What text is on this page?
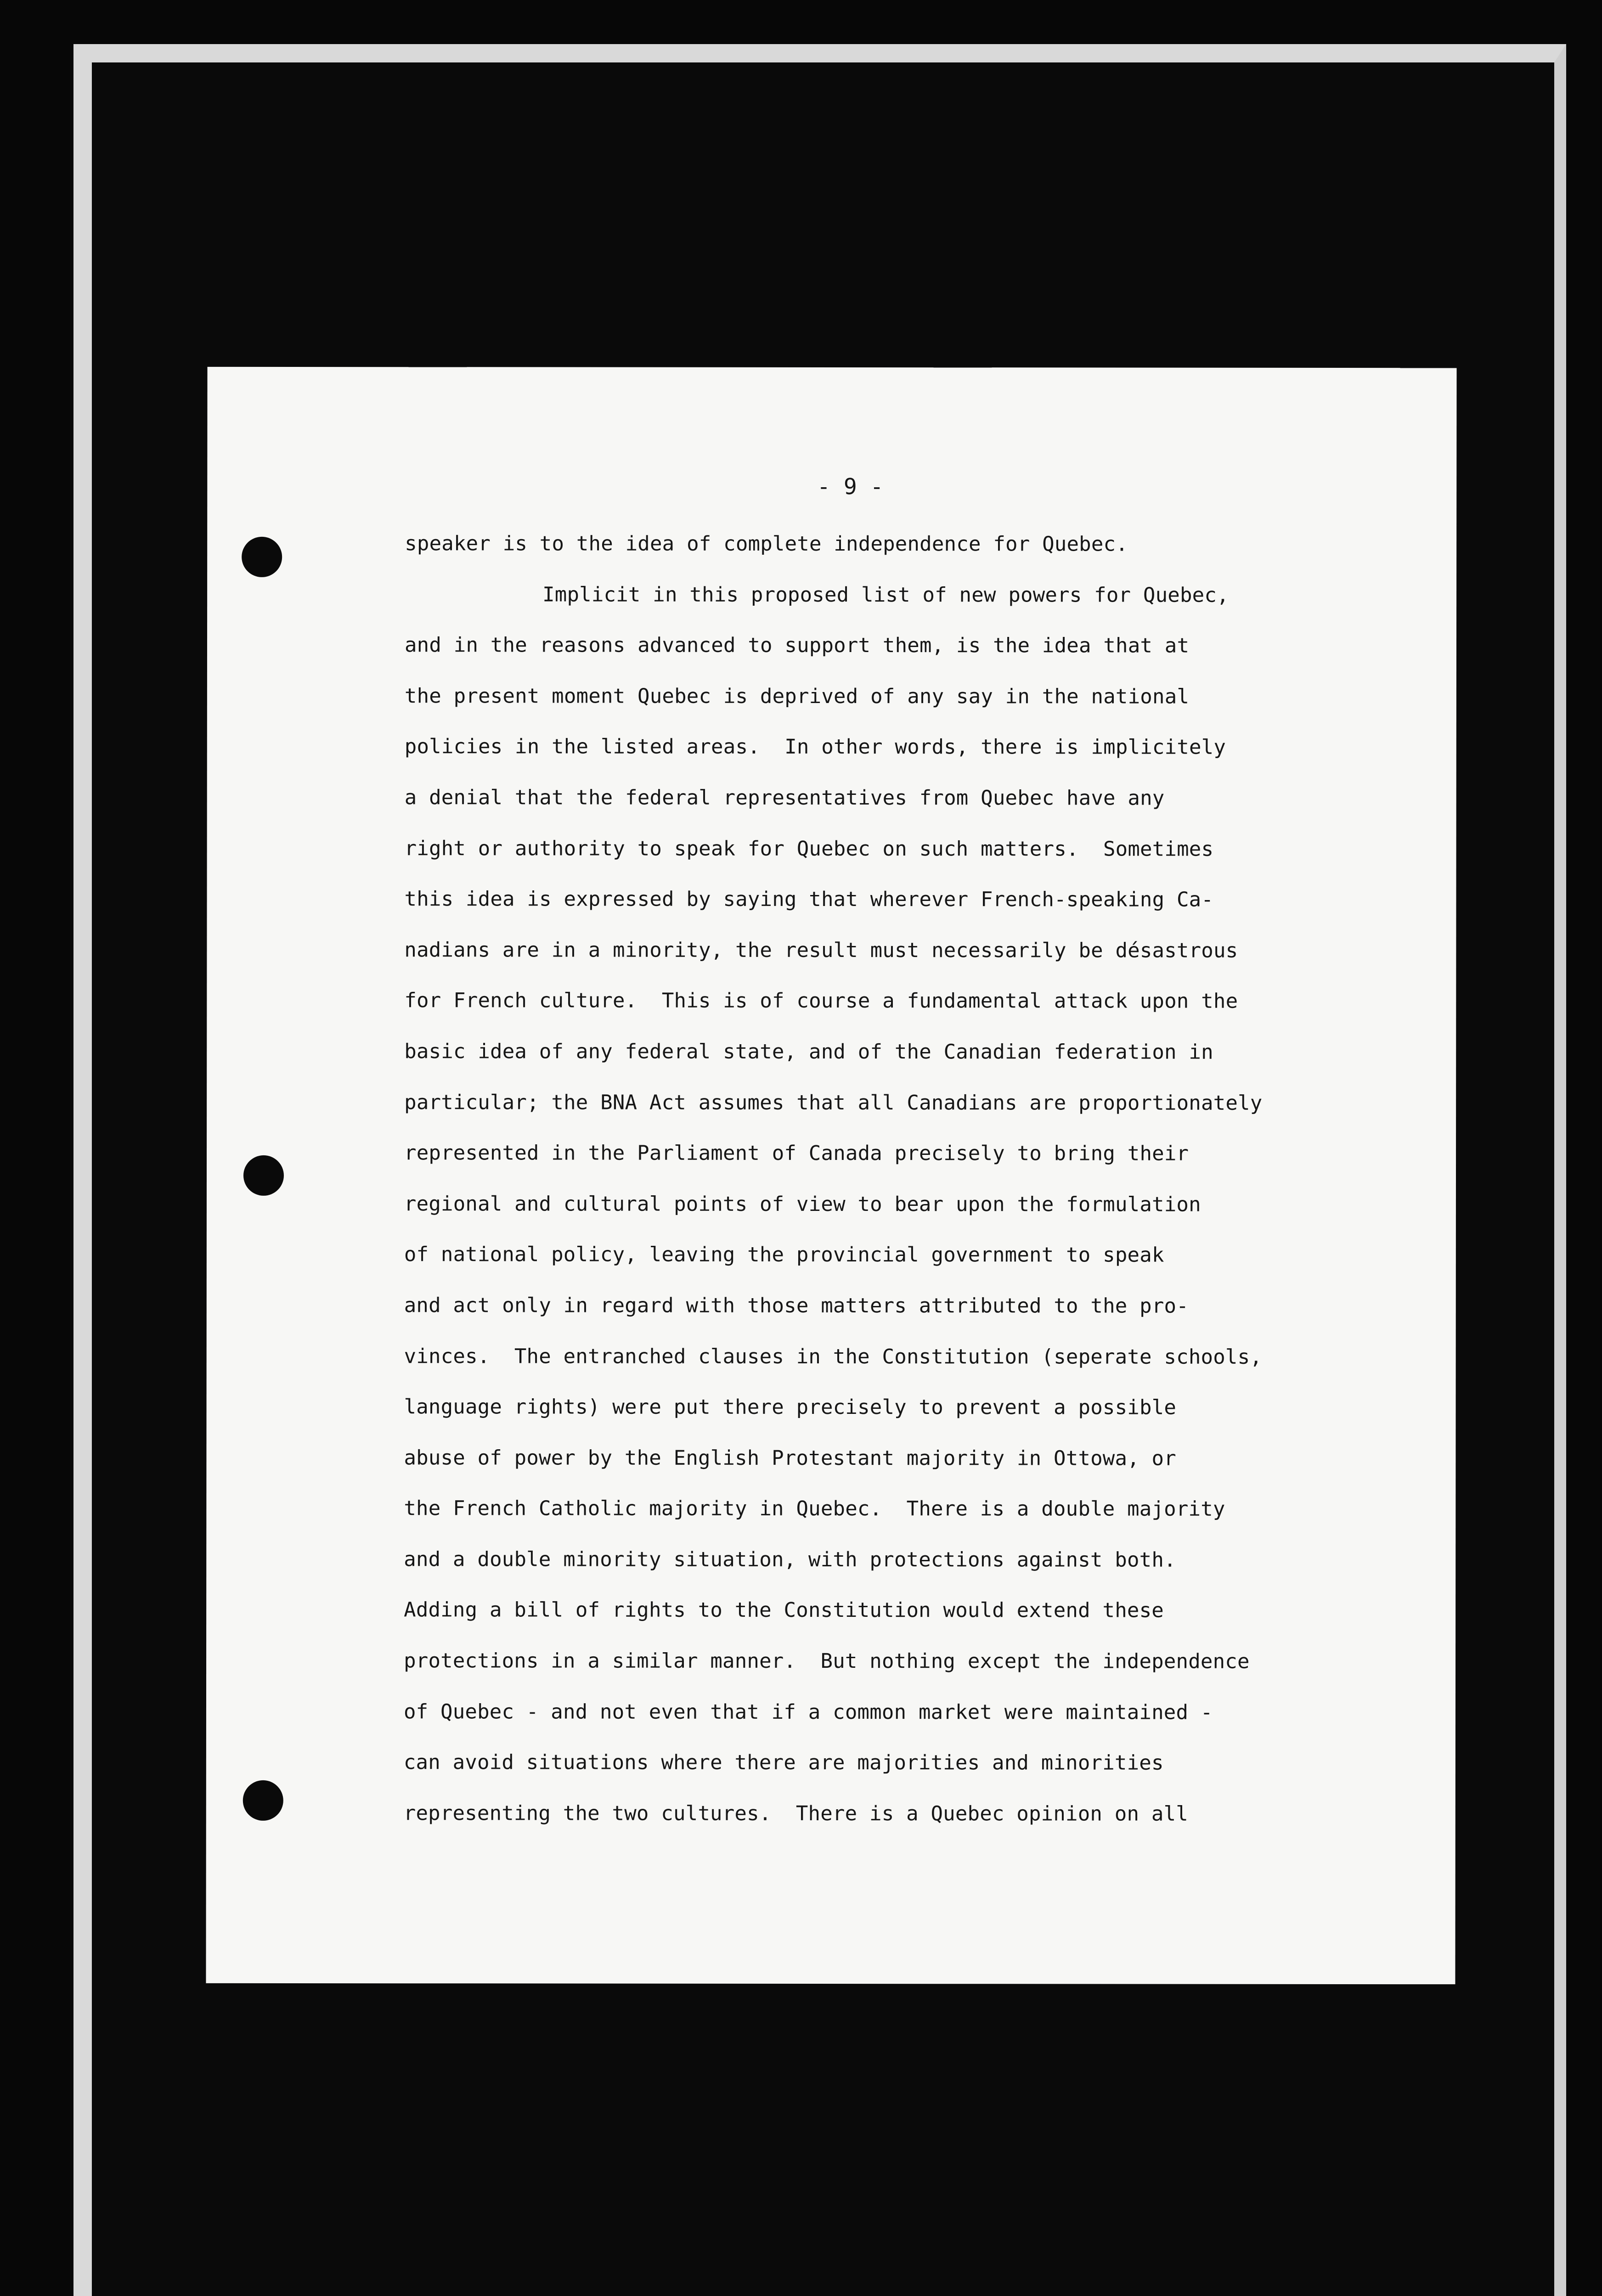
- 9 -
speaker is to the idea of complete independence for Quebec.
Implicit in this proposed list of new powers for Quebec,
and in the reasons advanced to support them, is the idea that at
the present moment Quebec is deprived of any say in the national
policies in the listed areas.  In other words, there is implicitely
a denial that the federal representatives from Quebec have any
right or authority to speak for Quebec on such matters.  Sometimes
this idea is expressed by saying that wherever French-speaking Ca-
nadians are in a minority, the result must necessarily be désastrous
for French culture.  This is of course a fundamental attack upon the
basic idea of any federal state, and of the Canadian federation in
particular; the BNA Act assumes that all Canadians are proportionately
represented in the Parliament of Canada precisely to bring their
regional and cultural points of view to bear upon the formulation
of national policy, leaving the provincial government to speak
and act only in regard with those matters attributed to the pro-
vinces.  The entranched clauses in the Constitution (seperate schools,
language rights) were put there precisely to prevent a possible
abuse of power by the English Protestant majority in Ottowa, or
the French Catholic majority in Quebec.  There is a double majority
and a double minority situation, with protections against both.
Adding a bill of rights to the Constitution would extend these
protections in a similar manner.  But nothing except the independence
of Quebec - and not even that if a common market were maintained -
can avoid situations where there are majorities and minorities
representing the two cultures.  There is a Quebec opinion on all
